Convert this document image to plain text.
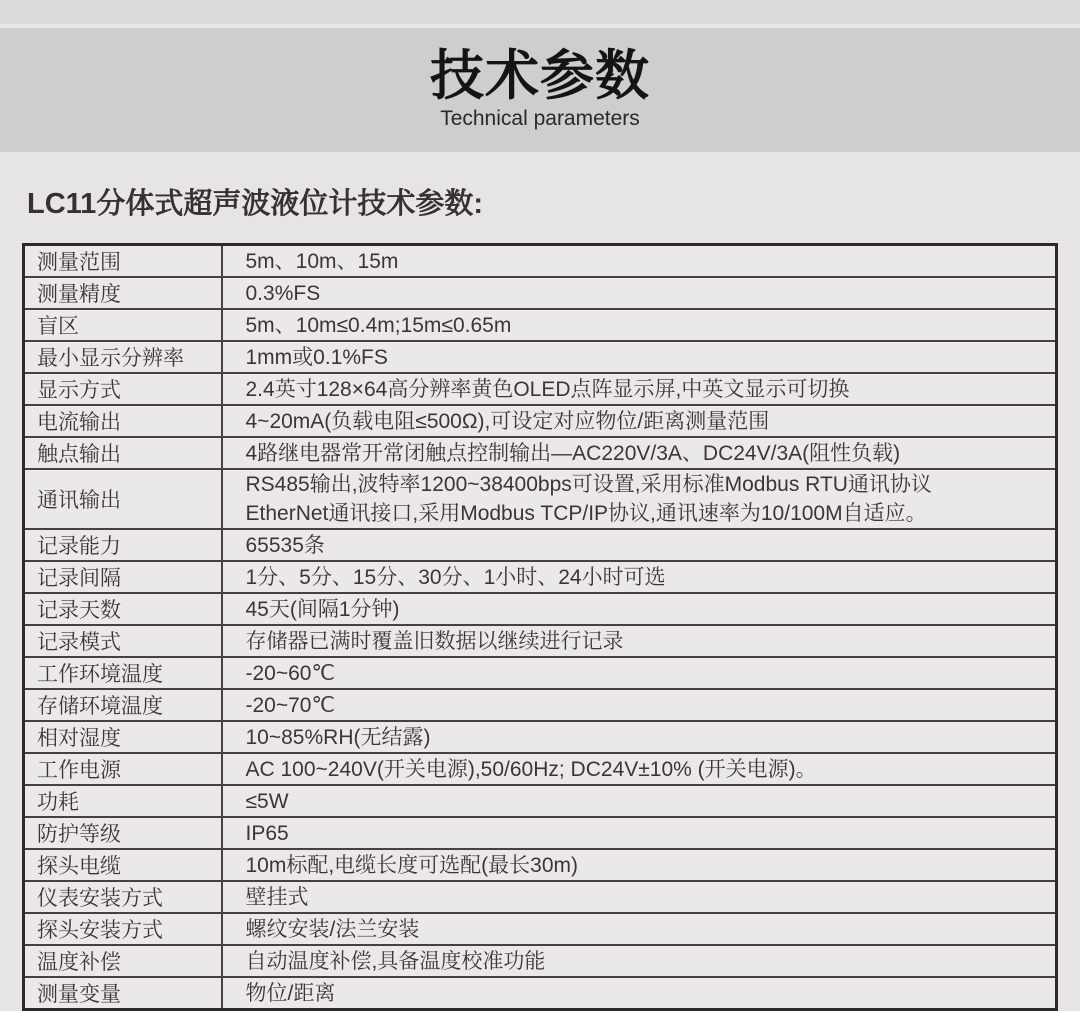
技术参数
Technical parameters
LC11分体式超声波液位计技术参数:
测量范围	5m、10m、15m

测量精度	0.3%FS

盲区	5m、10m≤0.4m;15m≤0.65m

最小显示分辨率	1mm或0.1%FS

显示方式	2.4英寸128×64高分辨率黄色OLED点阵显示屏,中英文显示可切换

电流输出	4~20mA(负载电阻≤500Ω),可设定对应物位/距离测量范围

触点输出	4路继电器常开常闭触点控制输出—AC220V/3A、DC24V/3A(阻性负载)

通讯输出	RS485输出,波特率1200~38400bps可设置,采用标准Modbus RTU通讯协议
EtherNet通讯接口,采用Modbus TCP/IP协议,通讯速率为10/100M自适应。

记录能力	65535条

记录间隔	1分、5分、15分、30分、1小时、24小时可选

记录天数	45天(间隔1分钟)

记录模式	存储器已满时覆盖旧数据以继续进行记录

工作环境温度	-20~60℃

存储环境温度	-20~70℃

相对湿度	10~85%RH(无结露)

工作电源	AC 100~240V(开关电源),50/60Hz; DC24V±10% (开关电源)。

功耗	≤5W

防护等级	IP65

探头电缆	10m标配,电缆长度可选配(最长30m)

仪表安装方式	壁挂式

探头安装方式	螺纹安装/法兰安装

温度补偿	自动温度补偿,具备温度校准功能

测量变量	物位/距离
